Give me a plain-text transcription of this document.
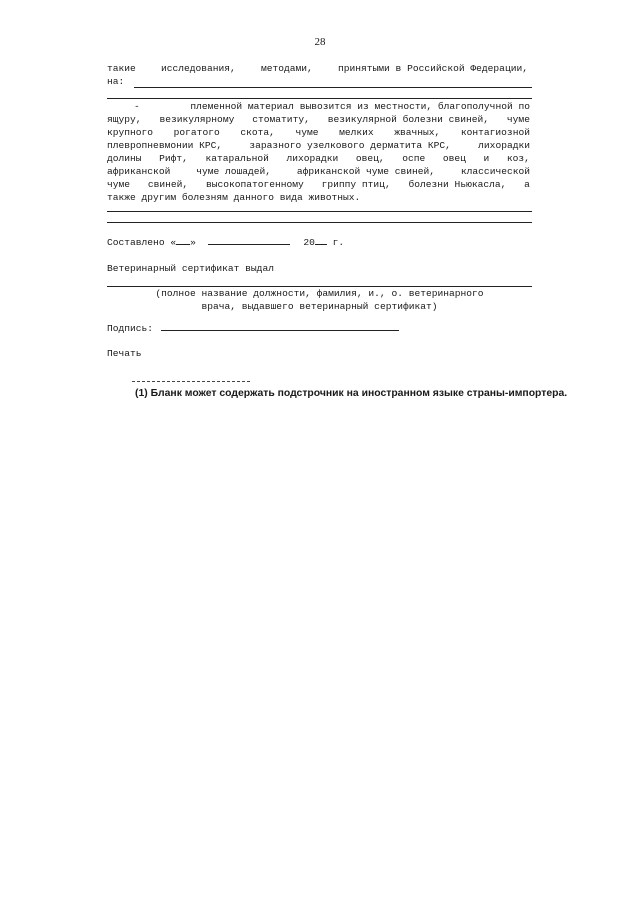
28
такие	исследования,	методами,	принятыми в Российской Федерации,
на:
-	племенной материал вывозится из местности, благополучной по
ящуру, везикулярному стоматиту, везикулярной болезни свиней, чуме
крупного рогатого скота, чуме мелких жвачных, контагиозной
плевропневмонии КРС,	заразного узелкового дерматита КРС,	лихорадки
долины Рифт, катаральной лихорадки овец, оспе овец и коз,
африканской	чуме лошадей,	африканской чуме свиней,	классической
чуме свиней, высокопатогенному гриппу птиц, болезни Ньюкасла, а
также другим болезням данного вида животных.
Составлено « »	20 г.
Ветеринарный сертификат выдал
(полное название должности, фамилия, и., о. ветеринарного
врача, выдавшего ветеринарный сертификат)
Подпись:
Печать
(1) Бланк может содержать подстрочник на иностранном языке страны-импортера.
